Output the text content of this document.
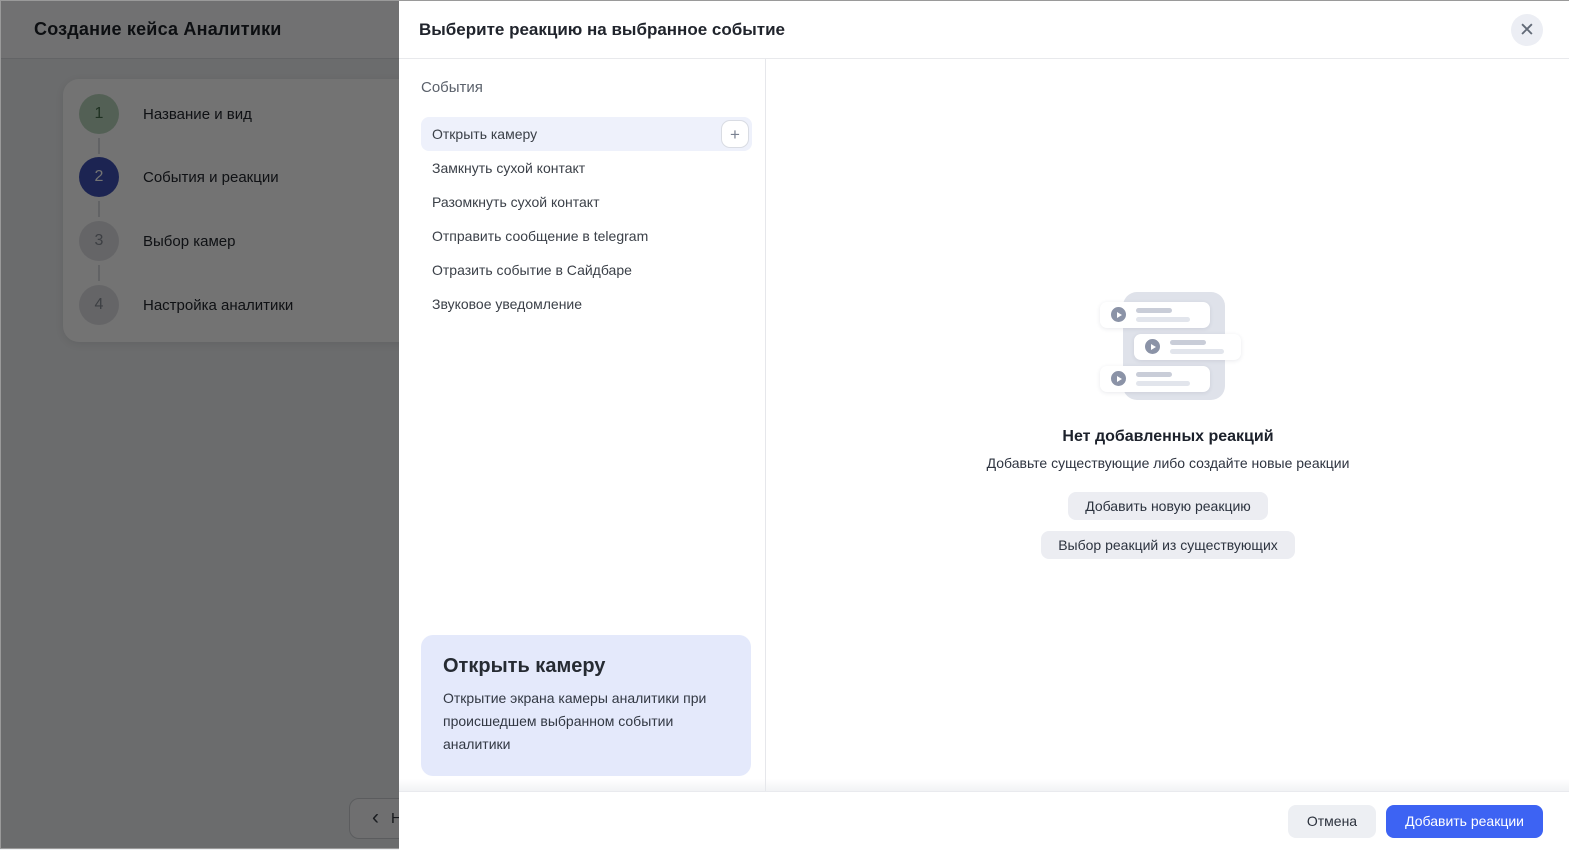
Выберите реакцию на выбранное событие	✕
События
Открыть камеру	+
Замкнуть сухой контакт
Разомкнуть сухой контакт
Отправить сообщение в telegram
Отразить событие в Сайдбаре
Звуковое уведомление
Открыть камеру
Открытие экрана камеры аналитики при происшедшем выбранном событии аналитики
Нет добавленных реакций
Добавьте существующие либо создайте новые реакции
Добавить новую реакцию
Выбор реакций из существующих
Отмена	Добавить реакции
